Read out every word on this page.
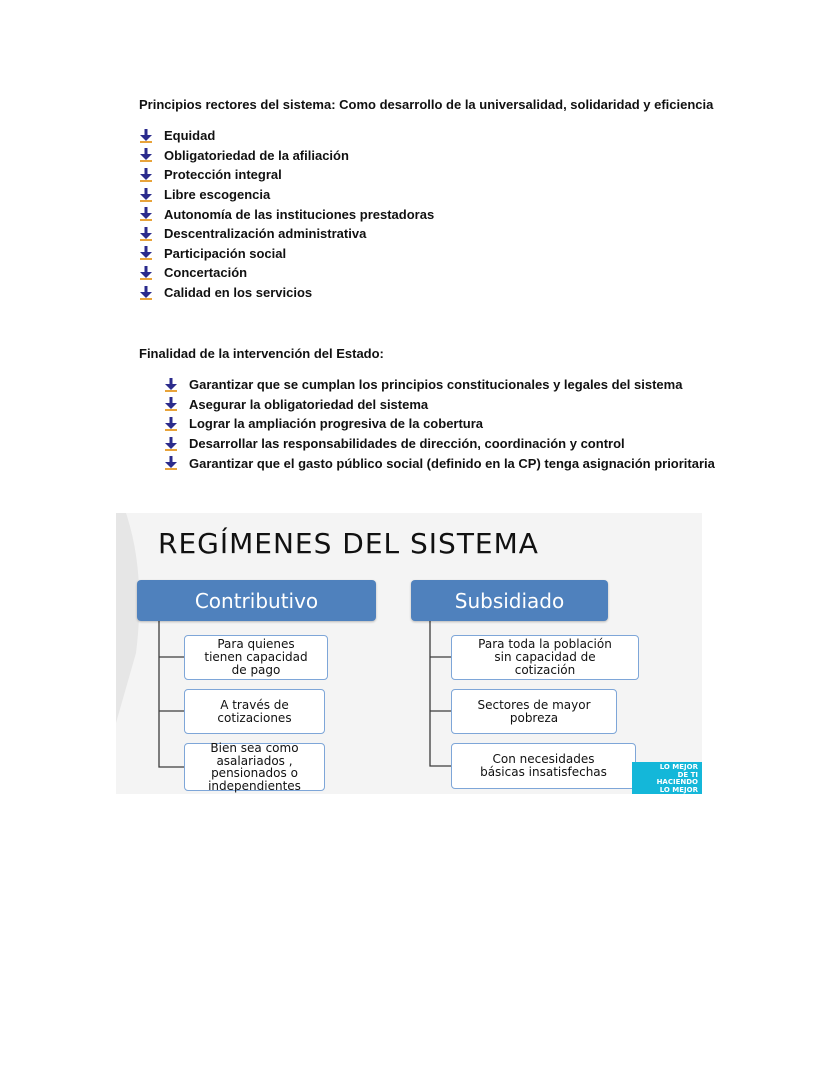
Principios rectores del sistema: Como desarrollo de la universalidad, solidaridad y eficiencia
Equidad
Obligatoriedad de la afiliación
Protección integral
Libre escogencia
Autonomía de las instituciones prestadoras
Descentralización administrativa
Participación social
Concertación
Calidad en los servicios
Finalidad de la intervención del Estado:
Garantizar que se cumplan los principios constitucionales y legales del sistema
Asegurar la obligatoriedad del sistema
Lograr la ampliación progresiva de la cobertura
Desarrollar las responsabilidades de dirección, coordinación y control
Garantizar que el gasto público social (definido en la CP) tenga asignación prioritaria
REGÍMENES DEL SISTEMA
Contributivo	Subsidiado
Para quienes
tienen capacidad
de pago
A través de
cotizaciones
Bien sea como
asalariados ,
pensionados o
independientes
Para toda la población
sin capacidad de
cotización
Sectores de mayor
pobreza
Con necesidades
básicas insatisfechas	LO MEJOR
DE TI
HACIENDO
LO MEJOR
